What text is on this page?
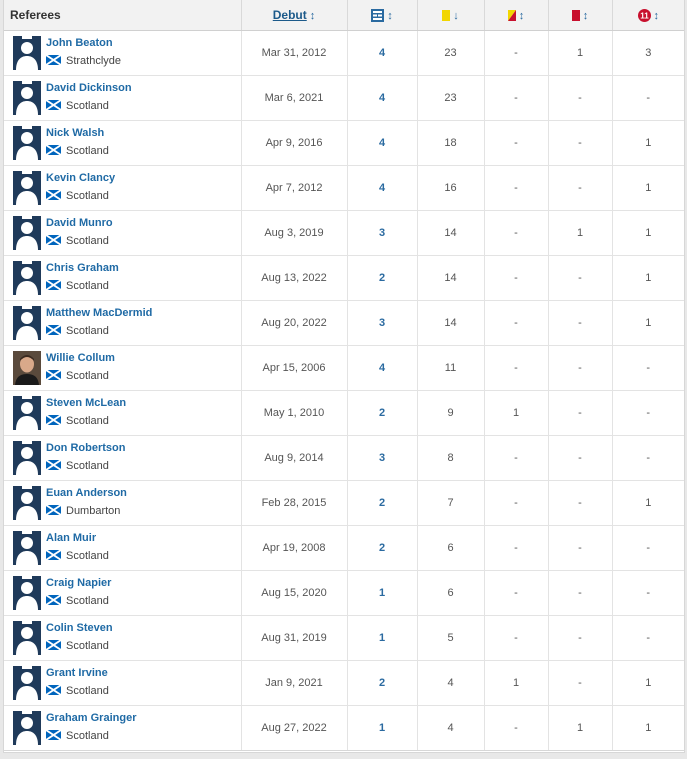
Referees	Debut ↕	↕	↓	↕	↕	11 ↕

John Beaton
Strathclyde	Mar 31, 2012	4	23	-	1	3

David Dickinson
Scotland	Mar 6, 2021	4	23	-	-	-

Nick Walsh
Scotland	Apr 9, 2016	4	18	-	-	1

Kevin Clancy
Scotland	Apr 7, 2012	4	16	-	-	1

David Munro
Scotland	Aug 3, 2019	3	14	-	1	1

Chris Graham
Scotland	Aug 13, 2022	2	14	-	-	1

Matthew MacDermid
Scotland	Aug 20, 2022	3	14	-	-	1

Willie Collum
Scotland	Apr 15, 2006	4	11	-	-	-

Steven McLean
Scotland	May 1, 2010	2	9	1	-	-

Don Robertson
Scotland	Aug 9, 2014	3	8	-	-	-

Euan Anderson
Dumbarton	Feb 28, 2015	2	7	-	-	1

Alan Muir
Scotland	Apr 19, 2008	2	6	-	-	-

Craig Napier
Scotland	Aug 15, 2020	1	6	-	-	-

Colin Steven
Scotland	Aug 31, 2019	1	5	-	-	-

Grant Irvine
Scotland	Jan 9, 2021	2	4	1	-	1

Graham Grainger
Scotland	Aug 27, 2022	1	4	-	1	1
